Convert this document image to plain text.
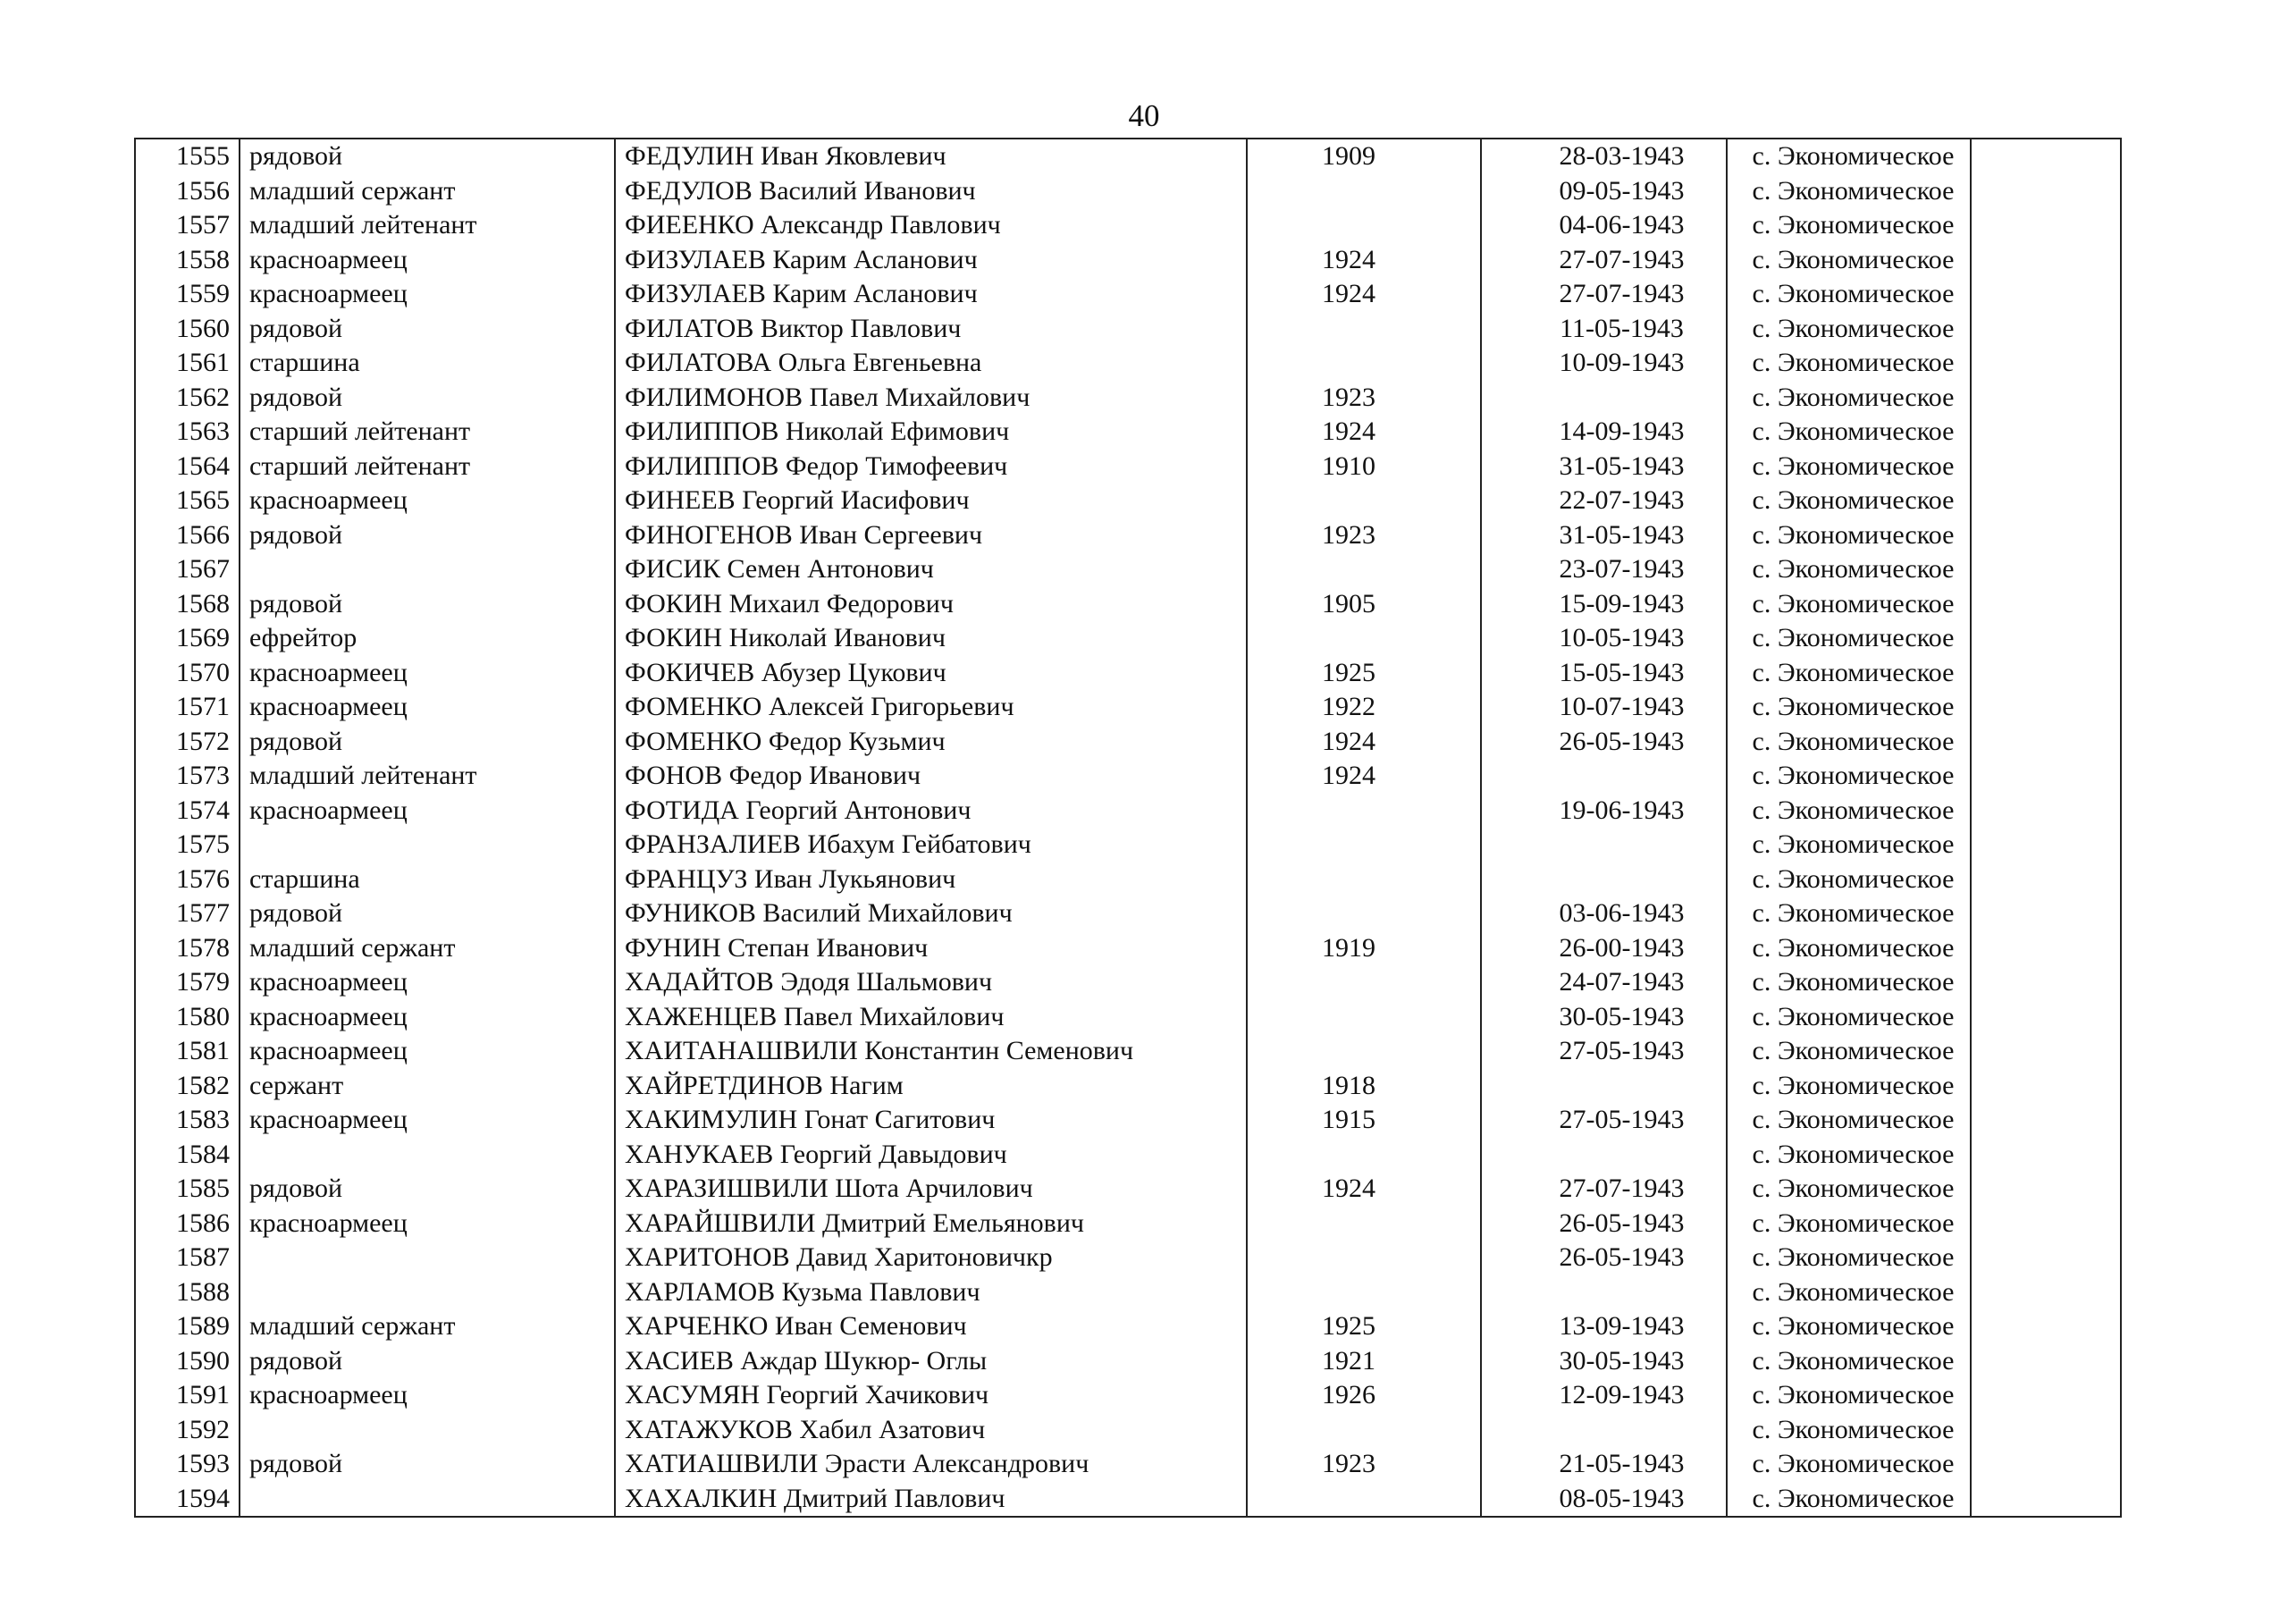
40
1555	рядовой	ФЕДУЛИН Иван Яковлевич	1909	28-03-1943	с. Экономическое	

1556	младший сержант	ФЕДУЛОВ Василий Иванович		09-05-1943	с. Экономическое	

1557	младший лейтенант	ФИЕЕНКО Александр Павлович		04-06-1943	с. Экономическое	

1558	красноармеец	ФИЗУЛАЕВ Карим Асланович	1924	27-07-1943	с. Экономическое	

1559	красноармеец	ФИЗУЛАЕВ Карим Асланович	1924	27-07-1943	с. Экономическое	

1560	рядовой	ФИЛАТОВ Виктор Павлович		11-05-1943	с. Экономическое	

1561	старшина	ФИЛАТОВА Ольга Евгеньевна		10-09-1943	с. Экономическое	

1562	рядовой	ФИЛИМОНОВ Павел Михайлович	1923		с. Экономическое	

1563	старший лейтенант	ФИЛИППОВ Николай Ефимович	1924	14-09-1943	с. Экономическое	

1564	старший лейтенант	ФИЛИППОВ Федор Тимофеевич	1910	31-05-1943	с. Экономическое	

1565	красноармеец	ФИНЕЕВ Георгий Иасифович		22-07-1943	с. Экономическое	

1566	рядовой	ФИНОГЕНОВ Иван Сергеевич	1923	31-05-1943	с. Экономическое	

1567		ФИСИК Семен Антонович		23-07-1943	с. Экономическое	

1568	рядовой	ФОКИН Михаил Федорович	1905	15-09-1943	с. Экономическое	

1569	ефрейтор	ФОКИН Николай Иванович		10-05-1943	с. Экономическое	

1570	красноармеец	ФОКИЧЕВ Абузер Цукович	1925	15-05-1943	с. Экономическое	

1571	красноармеец	ФОМЕНКО Алексей Григорьевич	1922	10-07-1943	с. Экономическое	

1572	рядовой	ФОМЕНКО Федор Кузьмич	1924	26-05-1943	с. Экономическое	

1573	младший лейтенант	ФОНОВ Федор Иванович	1924		с. Экономическое	

1574	красноармеец	ФОТИДА Георгий Антонович		19-06-1943	с. Экономическое	

1575		ФРАНЗАЛИЕВ Ибахум Гейбатович			с. Экономическое	

1576	старшина	ФРАНЦУЗ Иван Лукьянович			с. Экономическое	

1577	рядовой	ФУНИКОВ Василий Михайлович		03-06-1943	с. Экономическое	

1578	младший сержант	ФУНИН Степан Иванович	1919	26-00-1943	с. Экономическое	

1579	красноармеец	ХАДАЙТОВ Эдодя Шальмович		24-07-1943	с. Экономическое	

1580	красноармеец	ХАЖЕНЦЕВ Павел Михайлович		30-05-1943	с. Экономическое	

1581	красноармеец	ХАИТАНАШВИЛИ Константин Семенович		27-05-1943	с. Экономическое	

1582	сержант	ХАЙРЕТДИНОВ Нагим	1918		с. Экономическое	

1583	красноармеец	ХАКИМУЛИН Гонат Сагитович	1915	27-05-1943	с. Экономическое	

1584		ХАНУКАЕВ Георгий Давыдович			с. Экономическое	

1585	рядовой	ХАРАЗИШВИЛИ Шота Арчилович	1924	27-07-1943	с. Экономическое	

1586	красноармеец	ХАРАЙШВИЛИ Дмитрий Емельянович		26-05-1943	с. Экономическое	

1587		ХАРИТОНОВ Давид Харитоновичкр		26-05-1943	с. Экономическое	

1588		ХАРЛАМОВ Кузьма Павлович			с. Экономическое	

1589	младший сержант	ХАРЧЕНКО Иван Семенович	1925	13-09-1943	с. Экономическое	

1590	рядовой	ХАСИЕВ Аждар Шукюр- Оглы	1921	30-05-1943	с. Экономическое	

1591	красноармеец	ХАСУМЯН Георгий Хачикович	1926	12-09-1943	с. Экономическое	

1592		ХАТАЖУКОВ Хабил Азатович			с. Экономическое	

1593	рядовой	ХАТИАШВИЛИ Эрасти Александрович	1923	21-05-1943	с. Экономическое	

1594		ХАХАЛКИН Дмитрий Павлович		08-05-1943	с. Экономическое	
